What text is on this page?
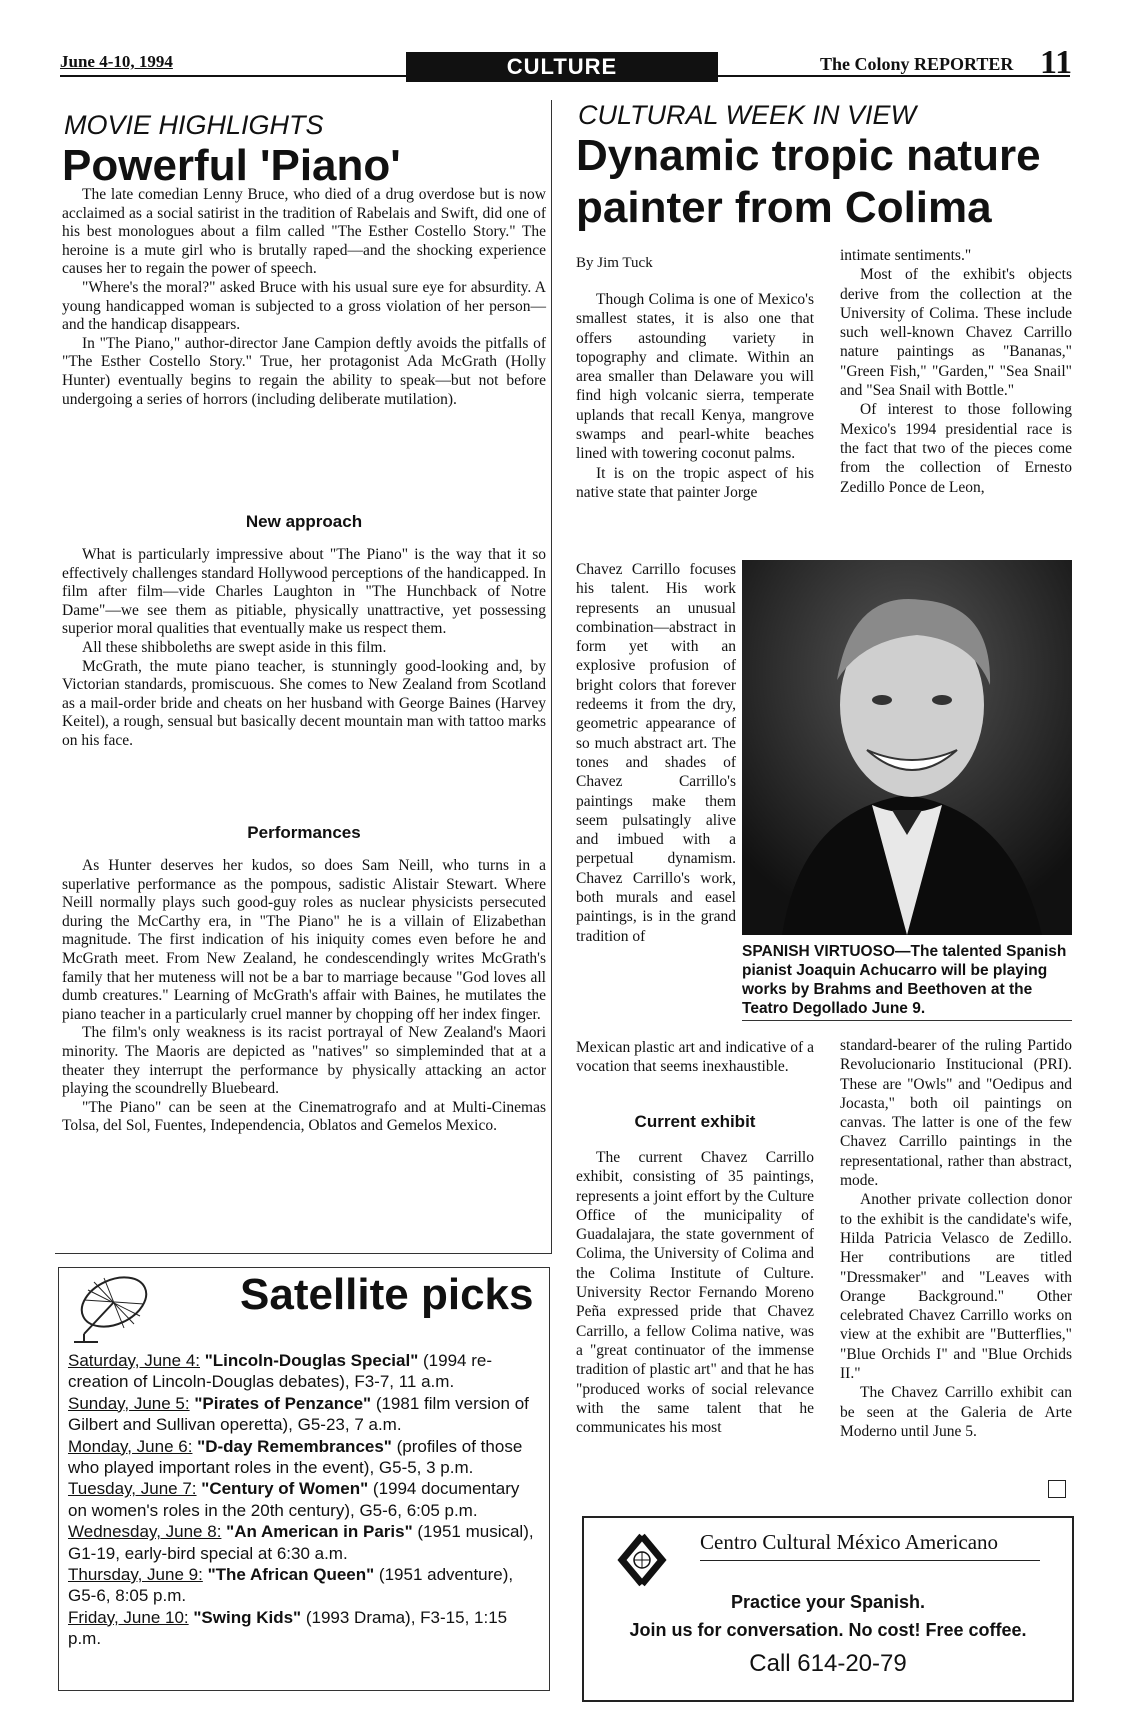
June 4-10, 1994	CULTURE	The Colony REPORTER 11
MOVIE HIGHLIGHTS
Powerful 'Piano'

The late comedian Lenny Bruce, who died of a drug overdose but is now acclaimed as a social satirist in the tradition of Rabelais and Swift, did one of his best monologues about a film called "The Esther Costello Story." The heroine is a mute girl who is brutally raped—and the shocking experience causes her to regain the power of speech.

"Where's the moral?" asked Bruce with his usual sure eye for absurdity. A young handicapped woman is subjected to a gross violation of her person—and the handicap disappears.

In "The Piano," author-director Jane Campion deftly avoids the pitfalls of "The Esther Costello Story." True, her protagonist Ada McGrath (Holly Hunter) eventually begins to regain the ability to speak—but not before undergoing a series of horrors (including deliberate mutilation).

New approach

What is particularly impressive about "The Piano" is the way that it so effectively challenges standard Hollywood perceptions of the handicapped. In film after film—vide Charles Laughton in "The Hunchback of Notre Dame"—we see them as pitiable, physically unattractive, yet possessing superior moral qualities that eventually make us respect them.

All these shibboleths are swept aside in this film.

McGrath, the mute piano teacher, is stunningly good-looking and, by Victorian standards, promiscuous. She comes to New Zealand from Scotland as a mail-order bride and cheats on her husband with George Baines (Harvey Keitel), a rough, sensual but basically decent mountain man with tattoo marks on his face.

Performances

As Hunter deserves her kudos, so does Sam Neill, who turns in a superlative performance as the pompous, sadistic Alistair Stewart. Where Neill normally plays such good-guy roles as nuclear physicists persecuted during the McCarthy era, in "The Piano" he is a villain of Elizabethan magnitude. The first indication of his iniquity comes even before he and McGrath meet. From New Zealand, he condescendingly writes McGrath's family that her muteness will not be a bar to marriage because "God loves all dumb creatures." Learning of McGrath's affair with Baines, he mutilates the piano teacher in a particularly cruel manner by chopping off her index finger.

The film's only weakness is its racist portrayal of New Zealand's Maori minority. The Maoris are depicted as "natives" so simpleminded that at a theater they interrupt the performance by physically attacking an actor playing the scoundrelly Bluebeard.

"The Piano" can be seen at the Cinematrografo and at Multi-Cinemas Tolsa, del Sol, Fuentes, Independencia, Oblatos and Gemelos Mexico.

Satellite picks

Saturday, June 4: "Lincoln-Douglas Special" (1994 re-creation of Lincoln-Douglas debates), F3-7, 11 a.m.

Sunday, June 5: "Pirates of Penzance" (1981 film version of Gilbert and Sullivan operetta), G5-23, 7 a.m.

Monday, June 6: "D-day Remembrances" (profiles of those who played important roles in the event), G5-5, 3 p.m.

Tuesday, June 7: "Century of Women" (1994 documentary on women's roles in the 20th century), G5-6, 6:05 p.m.

Wednesday, June 8: "An American in Paris" (1951 musical), G1-19, early-bird special at 6:30 a.m.

Thursday, June 9: "The African Queen" (1951 adventure), G5-6, 8:05 p.m.

Friday, June 10: "Swing Kids" (1993 Drama), F3-15, 1:15 p.m.

CULTURAL WEEK IN VIEW
Dynamic tropic nature painter from Colima
By Jim Tuck

Though Colima is one of Mexico's smallest states, it is also one that offers astounding variety in topography and climate. Within an area smaller than Delaware you will find high volcanic sierra, temperate uplands that recall Kenya, mangrove swamps and pearl-white beaches lined with towering coconut palms.

It is on the tropic aspect of his native state that painter Jorge

Chavez Carrillo focuses his talent. His work represents an unusual combination—abstract in form yet with an explosive profusion of bright colors that forever redeems it from the dry, geometric appearance of so much abstract art. The tones and shades of Chavez Carrillo's paintings make them seem pulsatingly alive and imbued with a perpetual dynamism. Chavez Carrillo's work, both murals and easel paintings, is in the grand tradition of

Mexican plastic art and indicative of a vocation that seems inexhaustible.

Current exhibit

The current Chavez Carrillo exhibit, consisting of 35 paintings, represents a joint effort by the Culture Office of the municipality of Guadalajara, the state government of Colima, the University of Colima and the Colima Institute of Culture. University Rector Fernando Moreno Peña expressed pride that Chavez Carrillo, a fellow Colima native, was a "great continuator of the immense tradition of plastic art" and that he has "produced works of social relevance with the same talent that he communicates his most

intimate sentiments."

Most of the exhibit's objects derive from the collection at the University of Colima. These include such well-known Chavez Carrillo nature paintings as "Bananas," "Green Fish," "Garden," "Sea Snail" and "Sea Snail with Bottle."

Of interest to those following Mexico's 1994 presidential race is the fact that two of the pieces come from the collection of Ernesto Zedillo Ponce de Leon,

SPANISH VIRTUOSO—The talented Spanish pianist Joaquin Achucarro will be playing works by Brahms and Beethoven at the Teatro Degollado June 9.

standard-bearer of the ruling Partido Revolucionario Institucional (PRI). These are "Owls" and "Oedipus and Jocasta," both oil paintings on canvas. The latter is one of the few Chavez Carrillo paintings in the representational, rather than abstract, mode.

Another private collection donor to the exhibit is the candidate's wife, Hilda Patricia Velasco de Zedillo. Her contributions are titled "Dressmaker" and "Leaves with Orange Background." Other celebrated Chavez Carrillo works on view at the exhibit are "Butterflies," "Blue Orchids I" and "Blue Orchids II."

The Chavez Carrillo exhibit can be seen at the Galeria de Arte Moderno until June 5.

Centro Cultural México Americano
Practice your Spanish.
Join us for conversation. No cost! Free coffee.
Call 614-20-79
